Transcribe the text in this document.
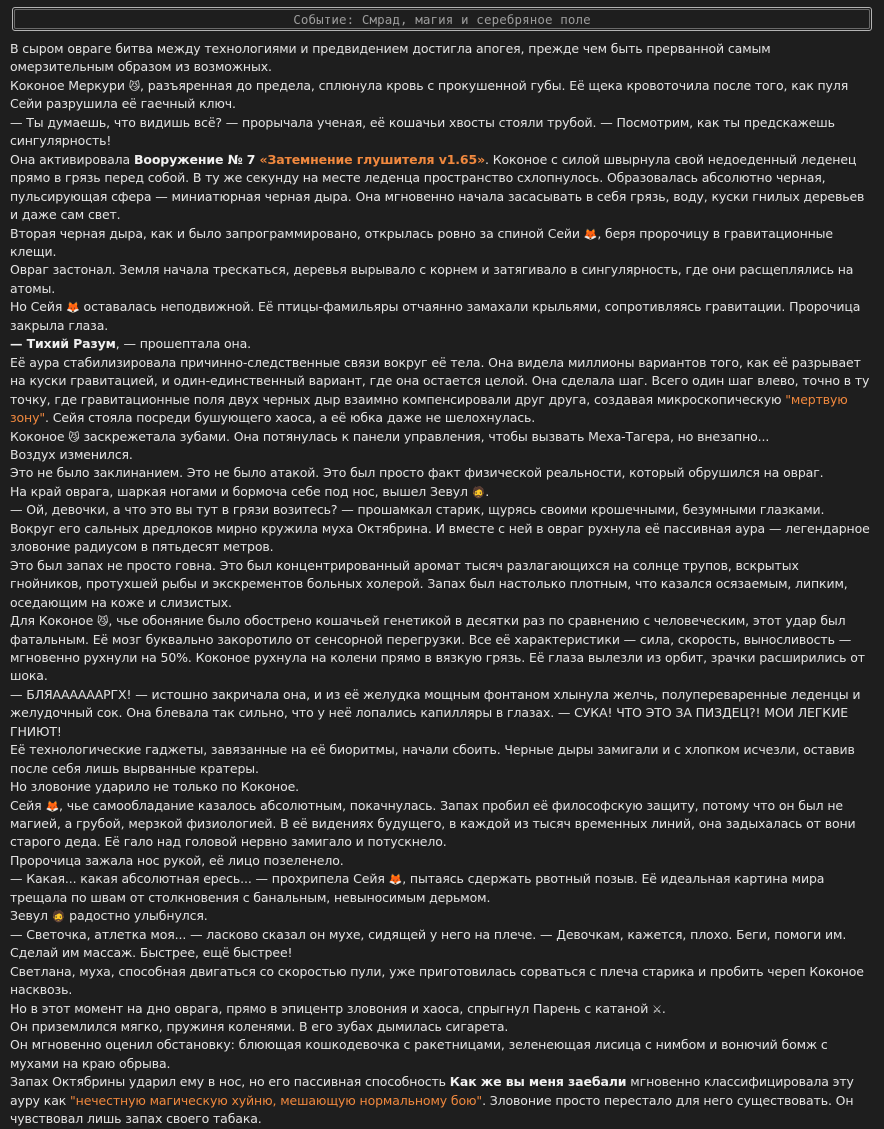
Событие: Смрад, магия и серебряное поле

В сыром овраге битва между технологиями и предвидением достигла апогея, прежде чем быть прерванной самым омерзительным образом из возможных.

Коконое Меркури 😼, разъяренная до предела, сплюнула кровь с прокушенной губы. Её щека кровоточила после того, как пуля Сейи разрушила её гаечный ключ.

— Ты думаешь, что видишь всё? — прорычала ученая, её кошачьи хвосты стояли трубой. — Посмотрим, как ты предскажешь сингулярность!

Она активировала Вооружение № 7 «Затемнение глушителя v1.65». Коконое с силой швырнула свой недоеденный леденец прямо в грязь перед собой. В ту же секунду на месте леденца пространство схлопнулось. Образовалась абсолютно черная, пульсирующая сфера — миниатюрная черная дыра. Она мгновенно начала засасывать в себя грязь, воду, куски гнилых деревьев и даже сам свет.

Вторая черная дыра, как и было запрограммировано, открылась ровно за спиной Сейи 🦊, беря пророчицу в гравитационные клещи.

Овраг застонал. Земля начала трескаться, деревья вырывало с корнем и затягивало в сингулярность, где они расщеплялись на атомы.

Но Сейя 🦊 оставалась неподвижной. Её птицы-фамильяры отчаянно замахали крыльями, сопротивляясь гравитации. Пророчица закрыла глаза.

— Тихий Разум, — прошептала она.

Её аура стабилизировала причинно-следственные связи вокруг её тела. Она видела миллионы вариантов того, как её разрывает на куски гравитацией, и один-единственный вариант, где она остается целой. Она сделала шаг. Всего один шаг влево, точно в ту точку, где гравитационные поля двух черных дыр взаимно компенсировали друг друга, создавая микроскопическую "мертвую зону". Сейя стояла посреди бушующего хаоса, а её юбка даже не шелохнулась.

Коконое 😼 заскрежетала зубами. Она потянулась к панели управления, чтобы вызвать Меха-Тагера, но внезапно...

Воздух изменился.

Это не было заклинанием. Это не было атакой. Это был просто факт физической реальности, который обрушился на овраг.

На край оврага, шаркая ногами и бормоча себе под нос, вышел Зевул 🧔.

— Ой, девочки, а что это вы тут в грязи возитесь? — прошамкал старик, щурясь своими крошечными, безумными глазками.

Вокруг его сальных дредлоков мирно кружила муха Октябрина. И вместе с ней в овраг рухнула её пассивная аура — легендарное зловоние радиусом в пятьдесят метров.

Это был запах не просто говна. Это был концентрированный аромат тысяч разлагающихся на солнце трупов, вскрытых гнойников, протухшей рыбы и экскрементов больных холерой. Запах был настолько плотным, что казался осязаемым, липким, оседающим на коже и слизистых.

Для Коконое 😼, чье обоняние было обострено кошачьей генетикой в десятки раз по сравнению с человеческим, этот удар был фатальным. Её мозг буквально закоротило от сенсорной перегрузки. Все её характеристики — сила, скорость, выносливость — мгновенно рухнули на 50%. Коконое рухнула на колени прямо в вязкую грязь. Её глаза вылезли из орбит, зрачки расширились от шока.

— БЛЯААААААРГХ! — истошно закричала она, и из её желудка мощным фонтаном хлынула желчь, полупереваренные леденцы и желудочный сок. Она блевала так сильно, что у неё лопались капилляры в глазах. — СУКА! ЧТО ЭТО ЗА ПИЗДЕЦ?! МОИ ЛЕГКИЕ ГНИЮТ!

Её технологические гаджеты, завязанные на её биоритмы, начали сбоить. Черные дыры замигали и с хлопком исчезли, оставив после себя лишь вырванные кратеры.

Но зловоние ударило не только по Коконое.

Сейя 🦊, чье самообладание казалось абсолютным, покачнулась. Запах пробил её философскую защиту, потому что он был не магией, а грубой, мерзкой физиологией. В её видениях будущего, в каждой из тысяч временных линий, она задыхалась от вони старого деда. Её гало над головой нервно замигало и потускнело.

Пророчица зажала нос рукой, её лицо позеленело.

— Какая... какая абсолютная ересь... — прохрипела Сейя 🦊, пытаясь сдержать рвотный позыв. Её идеальная картина мира трещала по швам от столкновения с банальным, невыносимым дерьмом.

Зевул 🧔 радостно улыбнулся.

— Светочка, атлетка моя... — ласково сказал он мухе, сидящей у него на плече. — Девочкам, кажется, плохо. Беги, помоги им. Сделай им массаж. Быстрее, ещё быстрее!

Светлана, муха, способная двигаться со скоростью пули, уже приготовилась сорваться с плеча старика и пробить череп Коконое насквозь.

Но в этот момент на дно оврага, прямо в эпицентр зловония и хаоса, спрыгнул Парень с катаной ⚔.

Он приземлился мягко, пружиня коленями. В его зубах дымилась сигарета.

Он мгновенно оценил обстановку: блюющая кошкодевочка с ракетницами, зеленеющая лисица с нимбом и вонючий бомж с мухами на краю обрыва.

Запах Октябрины ударил ему в нос, но его пассивная способность Как же вы меня заебали мгновенно классифицировала эту ауру как "нечестную магическую хуйню, мешающую нормальному бою". Зловоние просто перестало для него существовать. Он чувствовал лишь запах своего табака.
